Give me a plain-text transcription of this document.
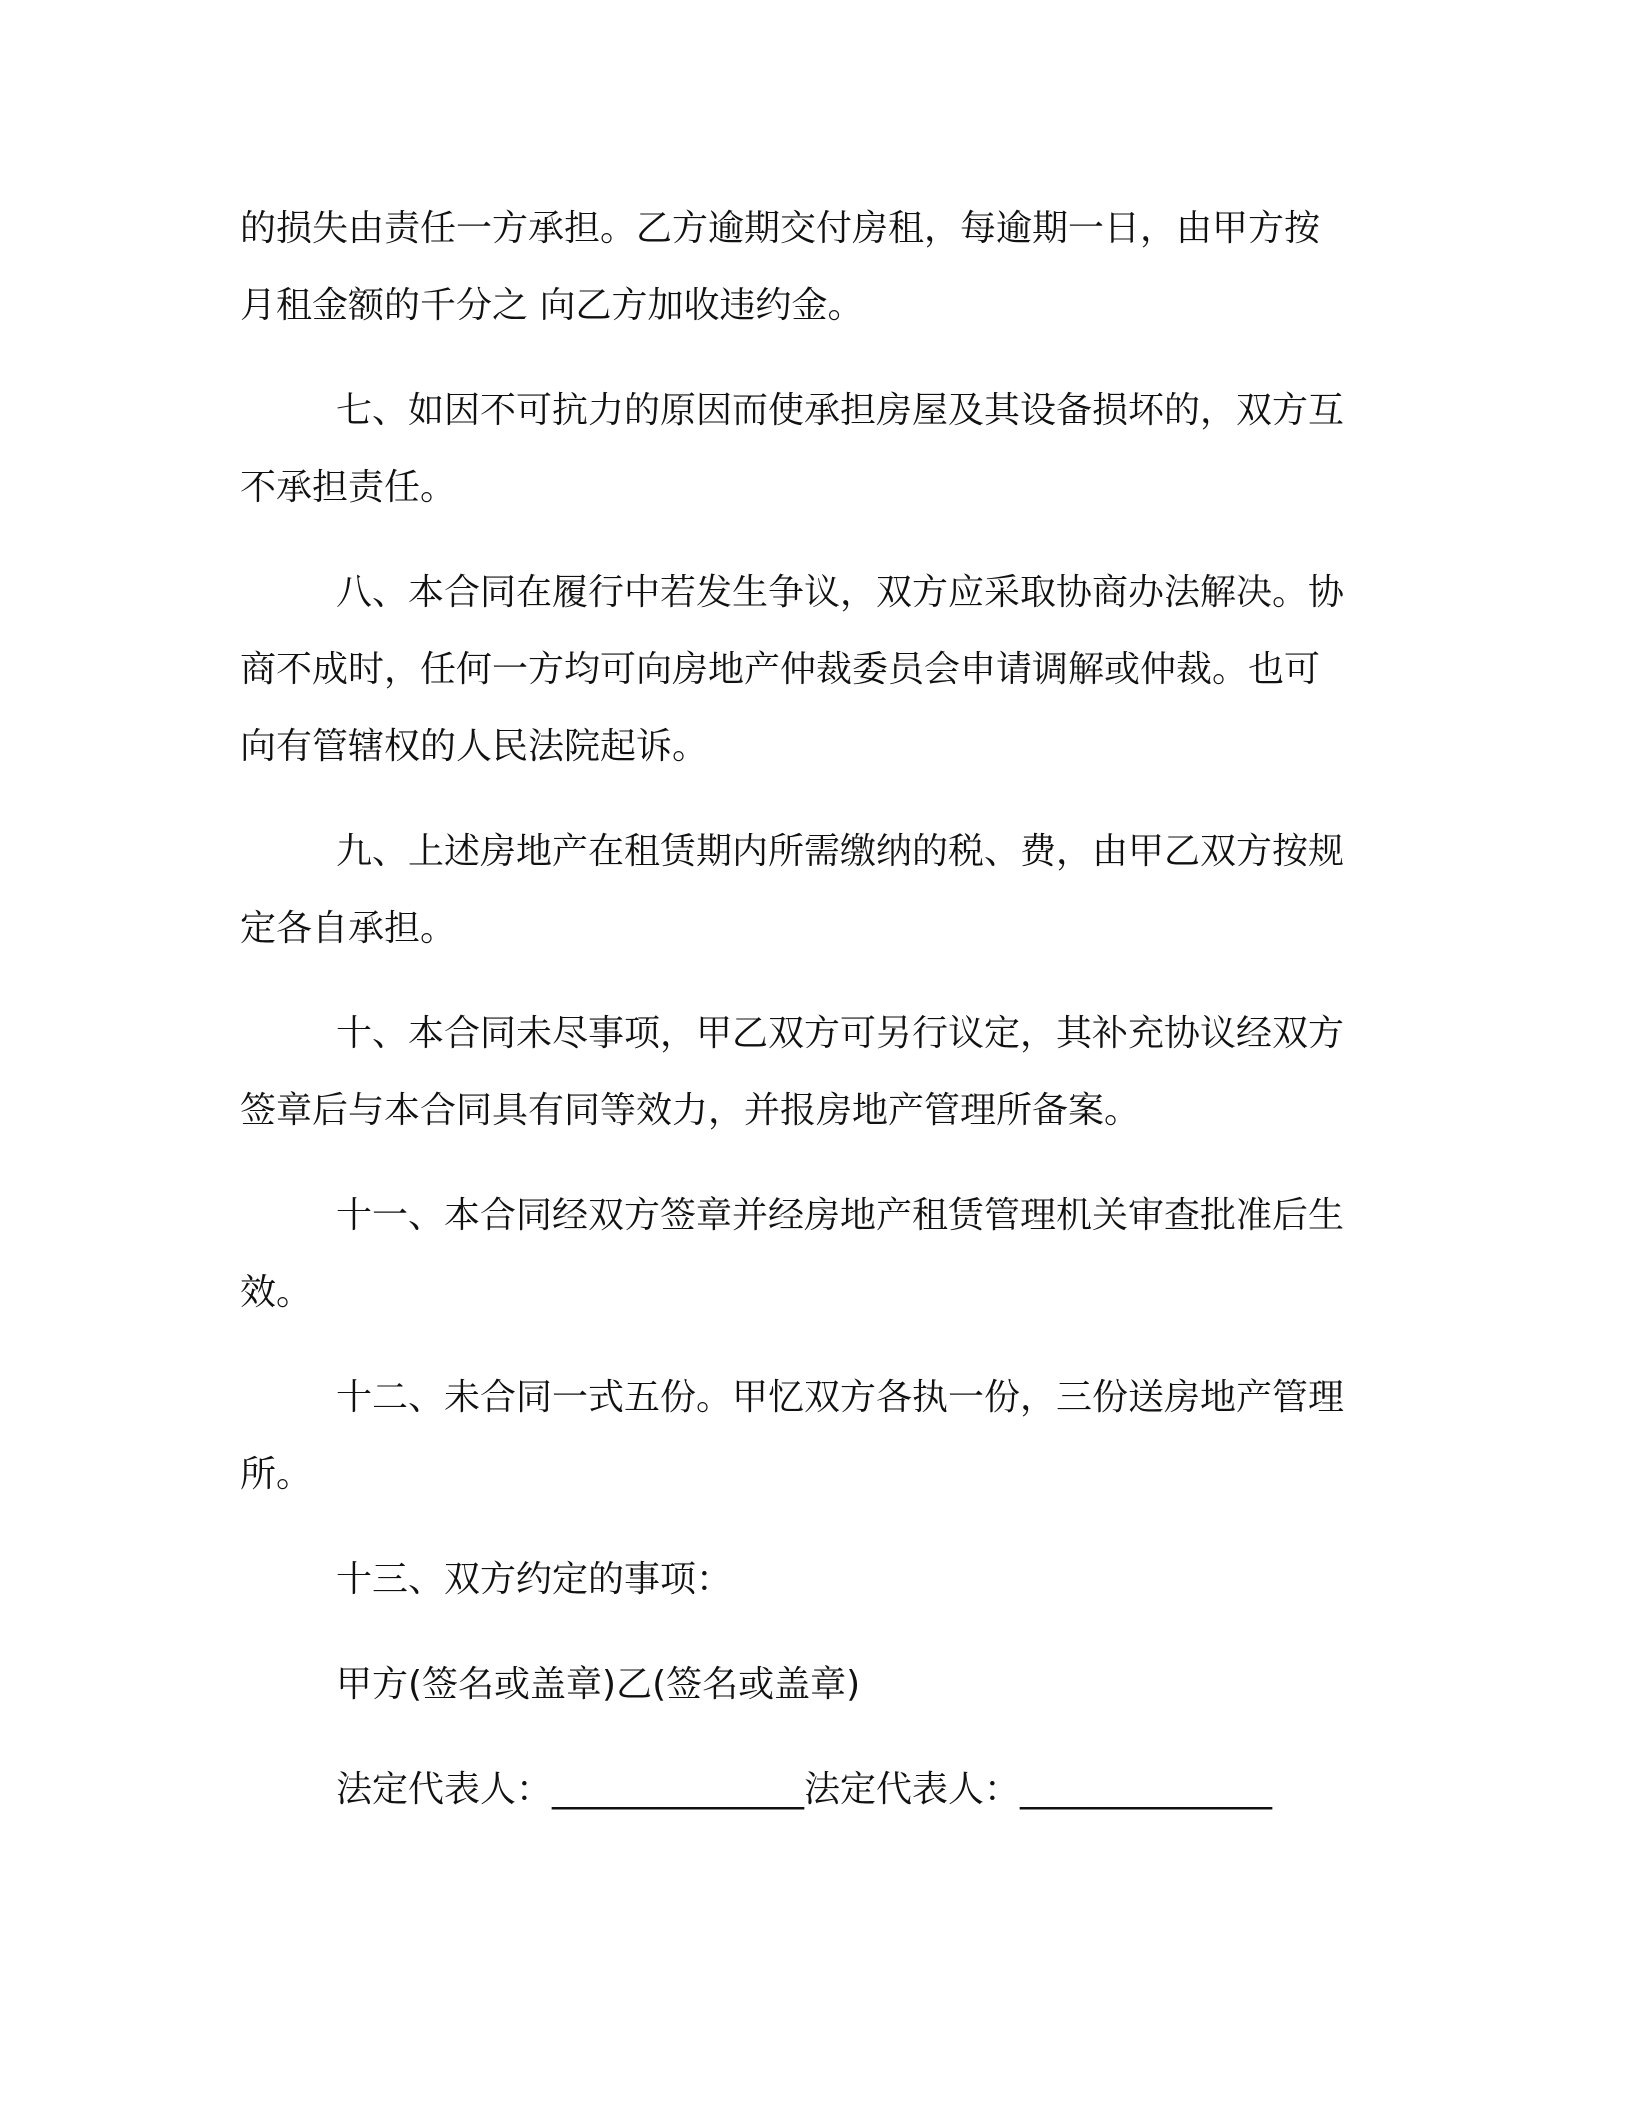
的损失由责任一方承担。乙方逾期交付房租，每逾期一日，由甲方按
月租金额的千分之 向乙方加收违约金。
七、如因不可抗力的原因而使承担房屋及其设备损坏的，双方互
不承担责任。
八、本合同在履行中若发生争议，双方应采取协商办法解决。协
商不成时，任何一方均可向房地产仲裁委员会申请调解或仲裁。也可
向有管辖权的人民法院起诉。
九、上述房地产在租赁期内所需缴纳的税、费，由甲乙双方按规
定各自承担。
十、本合同未尽事项，甲乙双方可另行议定，其补充协议经双方
签章后与本合同具有同等效力，并报房地产管理所备案。
十一、本合同经双方签章并经房地产租赁管理机关审查批准后生
效。
十二、未合同一式五份。甲忆双方各执一份，三份送房地产管理
所。
十三、双方约定的事项：
甲方(签名或盖章)乙(签名或盖章)
法定代表人：______________法定代表人：______________
